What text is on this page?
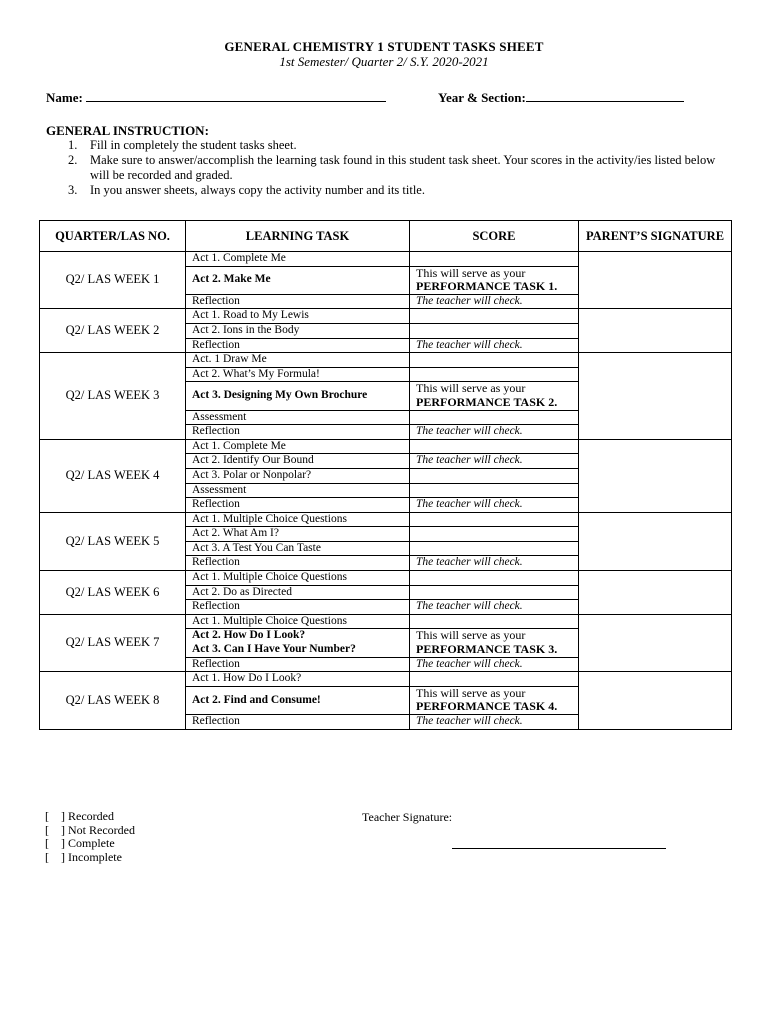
GENERAL CHEMISTRY 1 STUDENT TASKS SHEET
1st Semester/ Quarter 2/ S.Y. 2020-2021
Name:	Year & Section:
GENERAL INSTRUCTION:
1. Fill in completely the student tasks sheet.
2. Make sure to answer/accomplish the learning task found in this student task sheet. Your scores in the activity/ies listed below will be recorded and graded.
3. In you answer sheets, always copy the activity number and its title.
QUARTER/LAS NO.	LEARNING TASK	SCORE	PARENT’S SIGNATURE
Q2/ LAS WEEK 1	Act 1. Complete Me		
	Act 2. Make Me	This will serve as your
PERFORMANCE TASK 1.	

	Reflection	The teacher will check.	
Q2/ LAS WEEK 2	Act 1. Road to My Lewis		
	Act 2. Ions in the Body		
	Reflection	The teacher will check.	
Q2/ LAS WEEK 3	Act. 1 Draw Me		
	Act 2. What’s My Formula!		
	Act 3. Designing My Own Brochure	This will serve as your
PERFORMANCE TASK 2.	

	Assessment		
	Reflection	The teacher will check.	
Q2/ LAS WEEK 4	Act 1. Complete Me		
	Act 2. Identify Our Bound	The teacher will check.	
	Act 3. Polar or Nonpolar?		
	Assessment		
	Reflection	The teacher will check.	
Q2/ LAS WEEK 5	Act 1. Multiple Choice Questions		
	Act 2. What Am I?		
	Act 3. A Test You Can Taste		
	Reflection	The teacher will check.	
Q2/ LAS WEEK 6	Act 1. Multiple Choice Questions		
	Act 2. Do as Directed		
	Reflection	The teacher will check.	
Q2/ LAS WEEK 7	Act 1. Multiple Choice Questions		
	Act 2. How Do I Look?
Act 3. Can I Have Your Number?	This will serve as your
PERFORMANCE TASK 3.	

	Reflection	The teacher will check.	
Q2/ LAS WEEK 8	Act 1. How Do I Look?		
	Act 2. Find and Consume!	This will serve as your
PERFORMANCE TASK 4.	

	Reflection	The teacher will check.	
[    ] Recorded
[    ] Not Recorded
[    ] Complete
[    ] Incomplete
Teacher Signature:
